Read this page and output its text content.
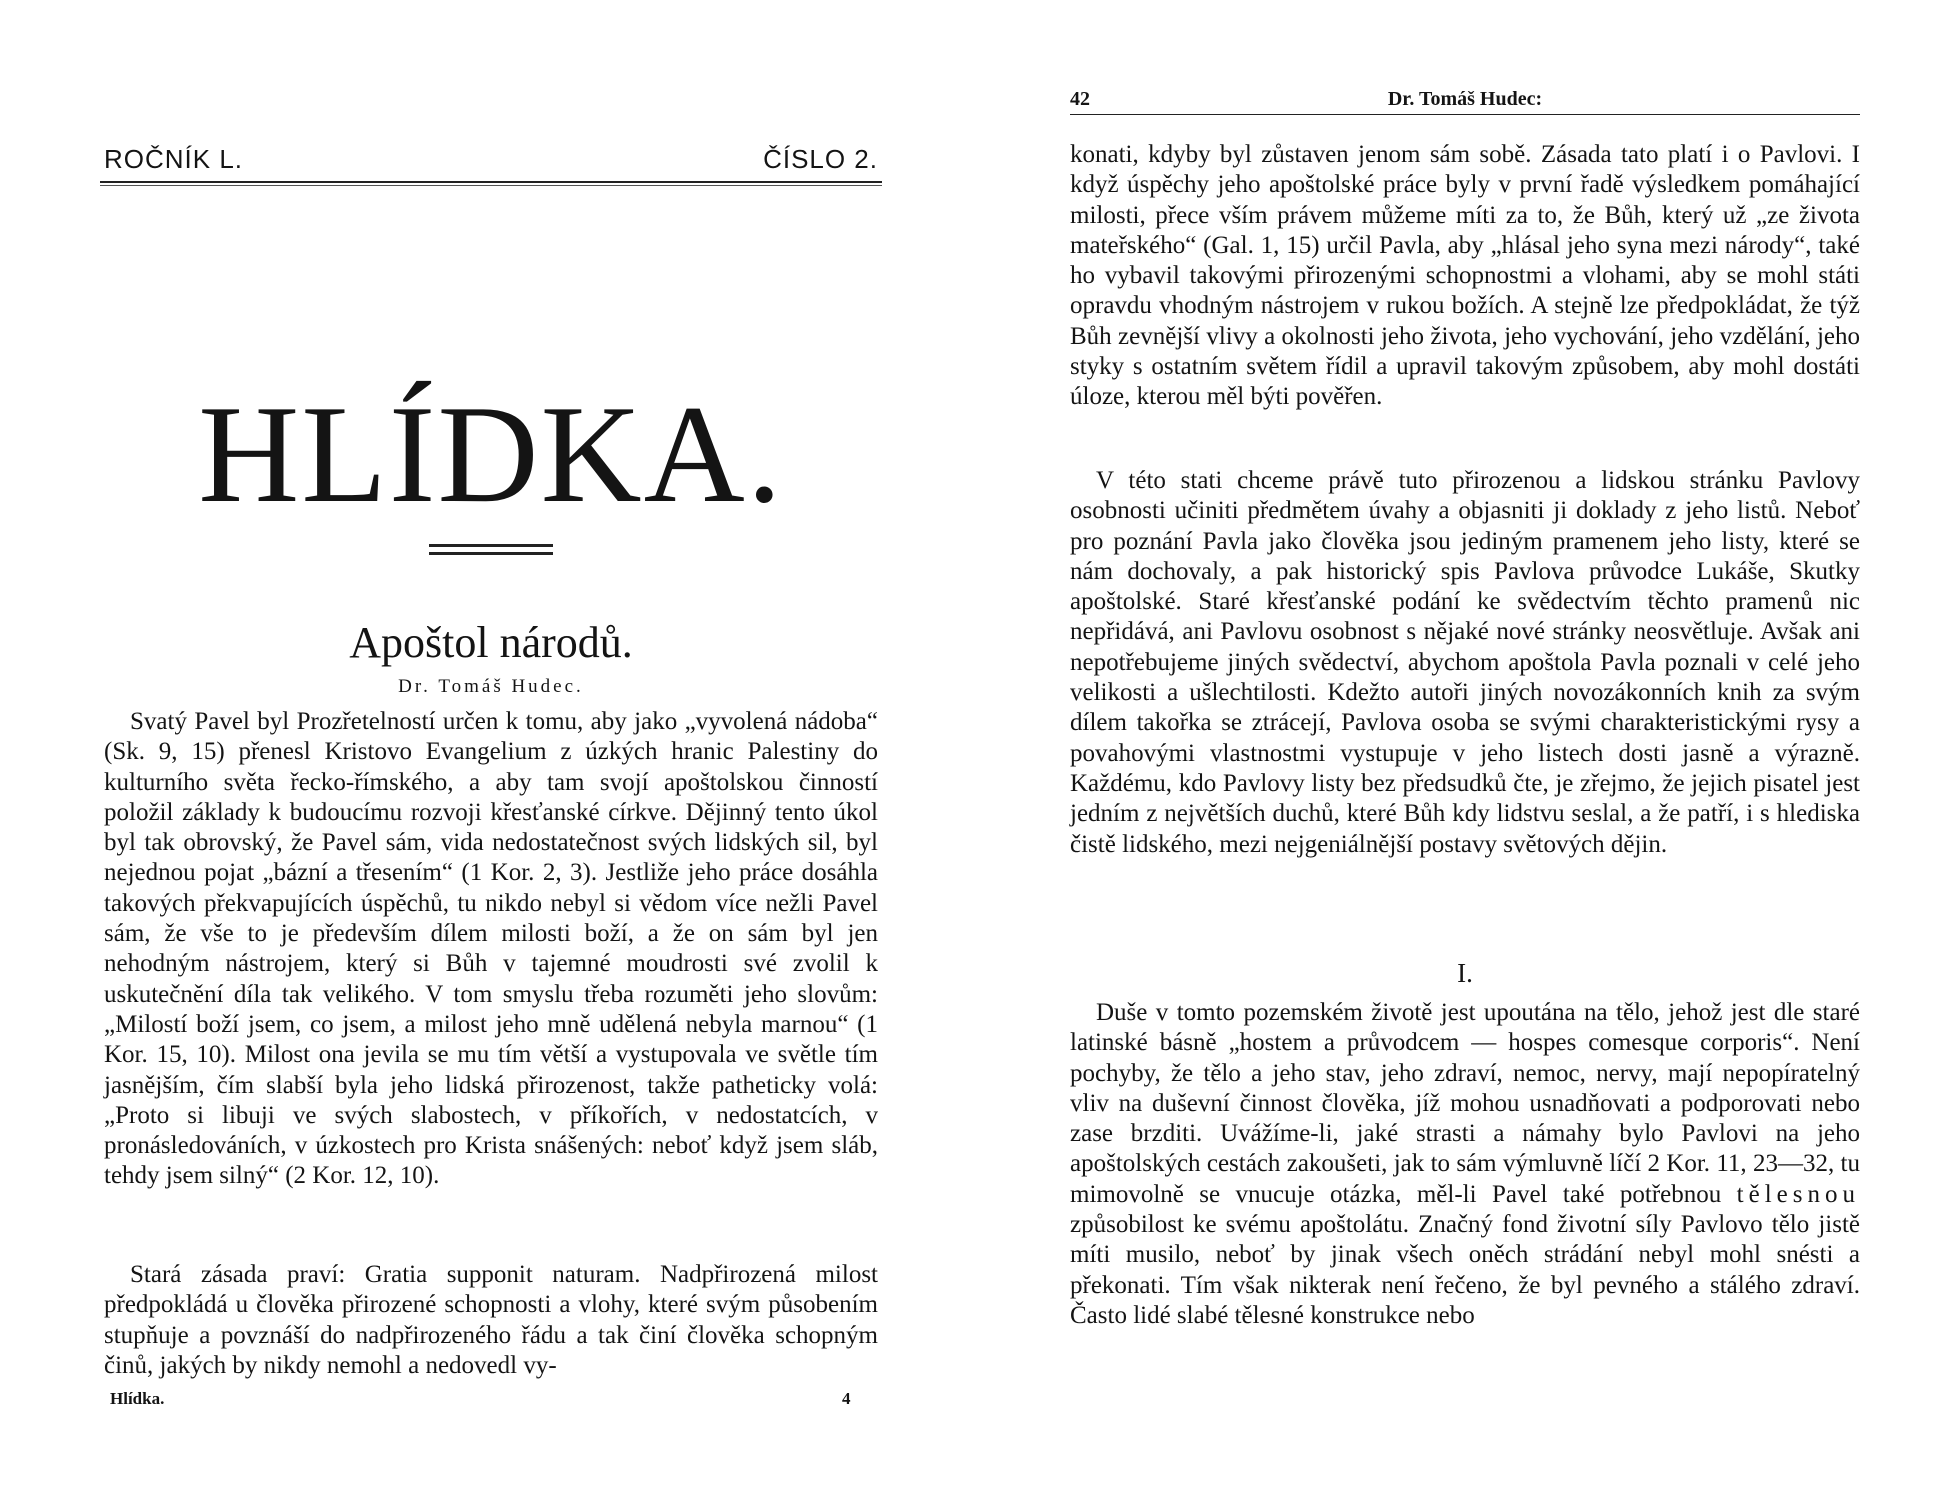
ROČNÍK L.	ČÍSLO 2.
HLÍDKA.
Apoštol národů.
Dr. Tomáš Hudec.

Svatý Pavel byl Prozřetelností určen k tomu, aby jako „vyvolená nádoba“ (Sk. 9, 15) přenesl Kristovo Evangelium z úzkých hranic Palestiny do kulturního světa řecko-římského, a aby tam svojí apoštolskou činností položil základy k budoucímu rozvoji křesťanské církve. Dějinný tento úkol byl tak obrovský, že Pavel sám, vida nedostatečnost svých lidských sil, byl nejednou pojat „bázní a třesením“ (1 Kor. 2, 3). Jestliže jeho práce dosáhla takových překvapujících úspěchů, tu nikdo nebyl si vědom více nežli Pavel sám, že vše to je především dílem milosti boží, a že on sám byl jen nehodným nástrojem, který si Bůh v tajemné moudrosti své zvolil k uskutečnění díla tak velikého. V tom smyslu třeba rozuměti jeho slovům: „Milostí boží jsem, co jsem, a milost jeho mně udělená nebyla marnou“ (1 Kor. 15, 10). Milost ona jevila se mu tím větší a vystupovala ve světle tím jasnějším, čím slabší byla jeho lidská přirozenost, takže patheticky volá: „Proto si libuji ve svých slabostech, v příkořích, v nedostatcích, v pronásledováních, v úzkostech pro Krista snášených: neboť když jsem sláb, tehdy jsem silný“ (2 Kor. 12, 10).

Stará zásada praví: Gratia supponit naturam. Nadpřirozená milost předpokládá u člověka přirozené schopnosti a vlohy, které svým působením stupňuje a povznáší do nadpřirozeného řádu a tak činí člověka schopným činů, jakých by nikdy nemohl a nedovedl vy-

Hlídka.	4
42	Dr. Tomáš Hudec:

konati, kdyby byl zůstaven jenom sám sobě. Zásada tato platí i o Pavlovi. I když úspěchy jeho apoštolské práce byly v první řadě výsledkem pomáhající milosti, přece vším právem můžeme míti za to, že Bůh, který už „ze života mateřského“ (Gal. 1, 15) určil Pavla, aby „hlásal jeho syna mezi národy“, také ho vybavil takovými přirozenými schopnostmi a vlohami, aby se mohl státi opravdu vhodným nástrojem v rukou božích. A stejně lze předpokládat, že týž Bůh zevnější vlivy a okolnosti jeho života, jeho vychování, jeho vzdělání, jeho styky s ostatním světem řídil a upravil takovým způsobem, aby mohl dostáti úloze, kterou měl býti pověřen.

V této stati chceme právě tuto přirozenou a lidskou stránku Pavlovy osobnosti učiniti předmětem úvahy a objasniti ji doklady z jeho listů. Neboť pro poznání Pavla jako člověka jsou jediným pramenem jeho listy, které se nám dochovaly, a pak historický spis Pavlova průvodce Lukáše, Skutky apoštolské. Staré křesťanské podání ke svědectvím těchto pramenů nic nepřidává, ani Pavlovu osobnost s nějaké nové stránky neosvětluje. Avšak ani nepotřebujeme jiných svědectví, abychom apoštola Pavla poznali v celé jeho velikosti a ušlechtilosti. Kdežto autoři jiných novozákonních knih za svým dílem takořka se ztrácejí, Pavlova osoba se svými charakteristickými rysy a povahovými vlastnostmi vystupuje v jeho listech dosti jasně a výrazně. Každému, kdo Pavlovy listy bez předsudků čte, je zřejmo, že jejich pisatel jest jedním z největších duchů, které Bůh kdy lidstvu seslal, a že patří, i s hlediska čistě lidského, mezi nejgeniálnější postavy světových dějin.

I.

Duše v tomto pozemském životě jest upoutána na tělo, jehož jest dle staré latinské básně „hostem a průvodcem — hospes comesque corporis“. Není pochyby, že tělo a jeho stav, jeho zdraví, nemoc, nervy, mají nepopíratelný vliv na duševní činnost člověka, jíž mohou usnadňovati a podporovati nebo zase brzditi. Uvážíme-li, jaké strasti a námahy bylo Pavlovi na jeho apoštolských cestách zakoušeti, jak to sám výmluvně líčí 2 Kor. 11, 23—32, tu mimovolně se vnucuje otázka, měl-li Pavel také potřebnou tělesnou způsobilost ke svému apoštolátu. Značný fond životní síly Pavlovo tělo jistě míti musilo, neboť by jinak všech oněch strádání nebyl mohl snésti a překonati. Tím však nikterak není řečeno, že byl pevného a stálého zdraví. Často lidé slabé tělesné konstrukce nebo
